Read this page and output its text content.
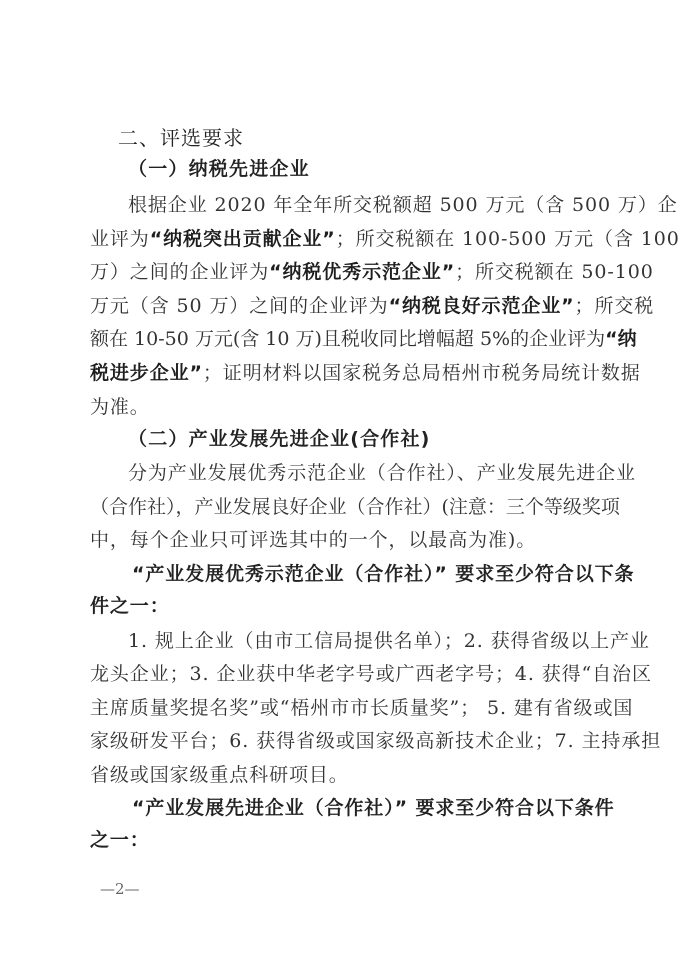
二、评选要求
（一）纳税先进企业
根据企业 2020 年全年所交税额超 500 万元（含 500 万）企
业评为“纳税突出贡献企业”；所交税额在 100-500 万元（含 100
万）之间的企业评为“纳税优秀示范企业”；所交税额在 50-100
万元（含 50 万）之间的企业评为“纳税良好示范企业”；所交税
额在 10-50 万元(含 10 万)且税收同比增幅超 5%的企业评为“纳
税进步企业”；证明材料以国家税务总局梧州市税务局统计数据
为准。
（二）产业发展先进企业(合作社)
分为产业发展优秀示范企业（合作社）、产业发展先进企业
（合作社），产业发展良好企业（合作社）(注意：三个等级奖项
中，每个企业只可评选其中的一个，以最高为准)。
“产业发展优秀示范企业（合作社）” 要求至少符合以下条
件之一：
1. 规上企业（由市工信局提供名单）；2. 获得省级以上产业
龙头企业；3. 企业获中华老字号或广西老字号；4. 获得“自治区
主席质量奖提名奖”或“梧州市市长质量奖”； 5. 建有省级或国
家级研发平台；6. 获得省级或国家级高新技术企业；7. 主持承担
省级或国家级重点科研项目。
“产业发展先进企业（合作社）” 要求至少符合以下条件
之一：
—2—
